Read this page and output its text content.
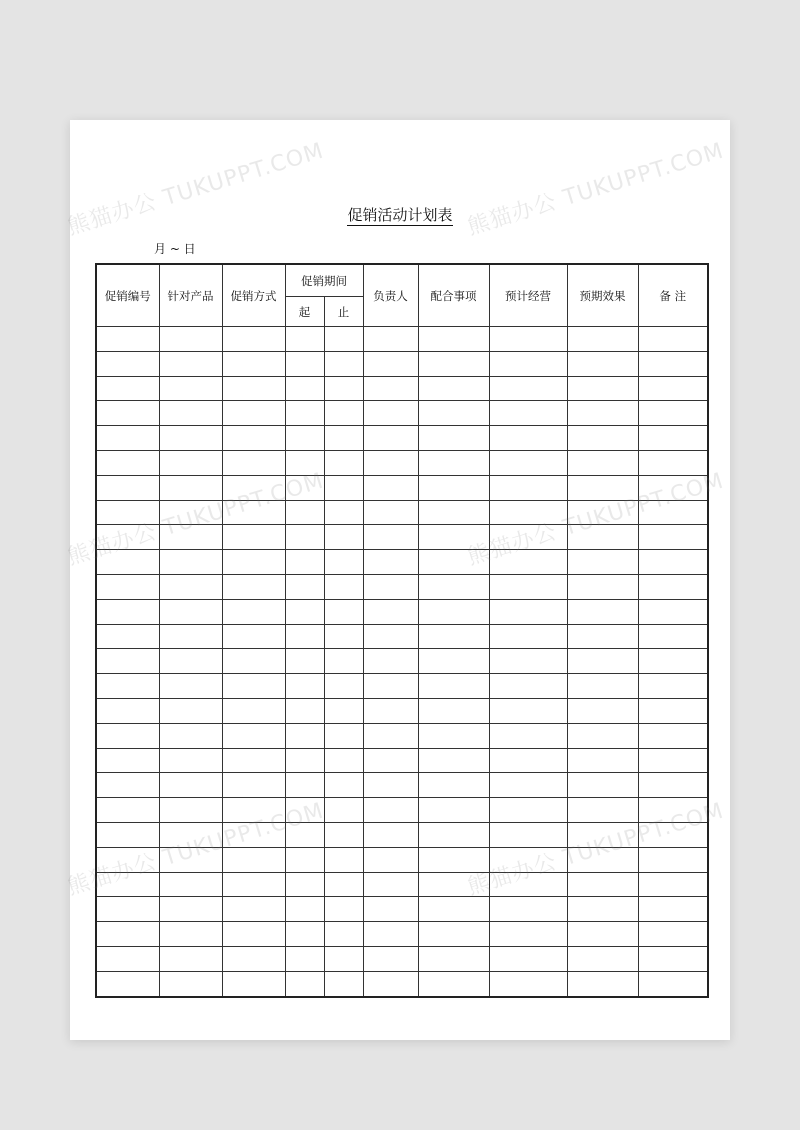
促销活动计划表
月 ~ 日
促销编号	针对产品	促销方式	促销期间		负责人	配合事项	预计经营	预期效果	备 注
			起	止					

熊猫办公 TUKUPPT.COM	熊猫办公 TUKUPPT.COM
熊猫办公 TUKUPPT.COM	熊猫办公 TUKUPPT.COM
熊猫办公 TUKUPPT.COM	熊猫办公 TUKUPPT.COM
